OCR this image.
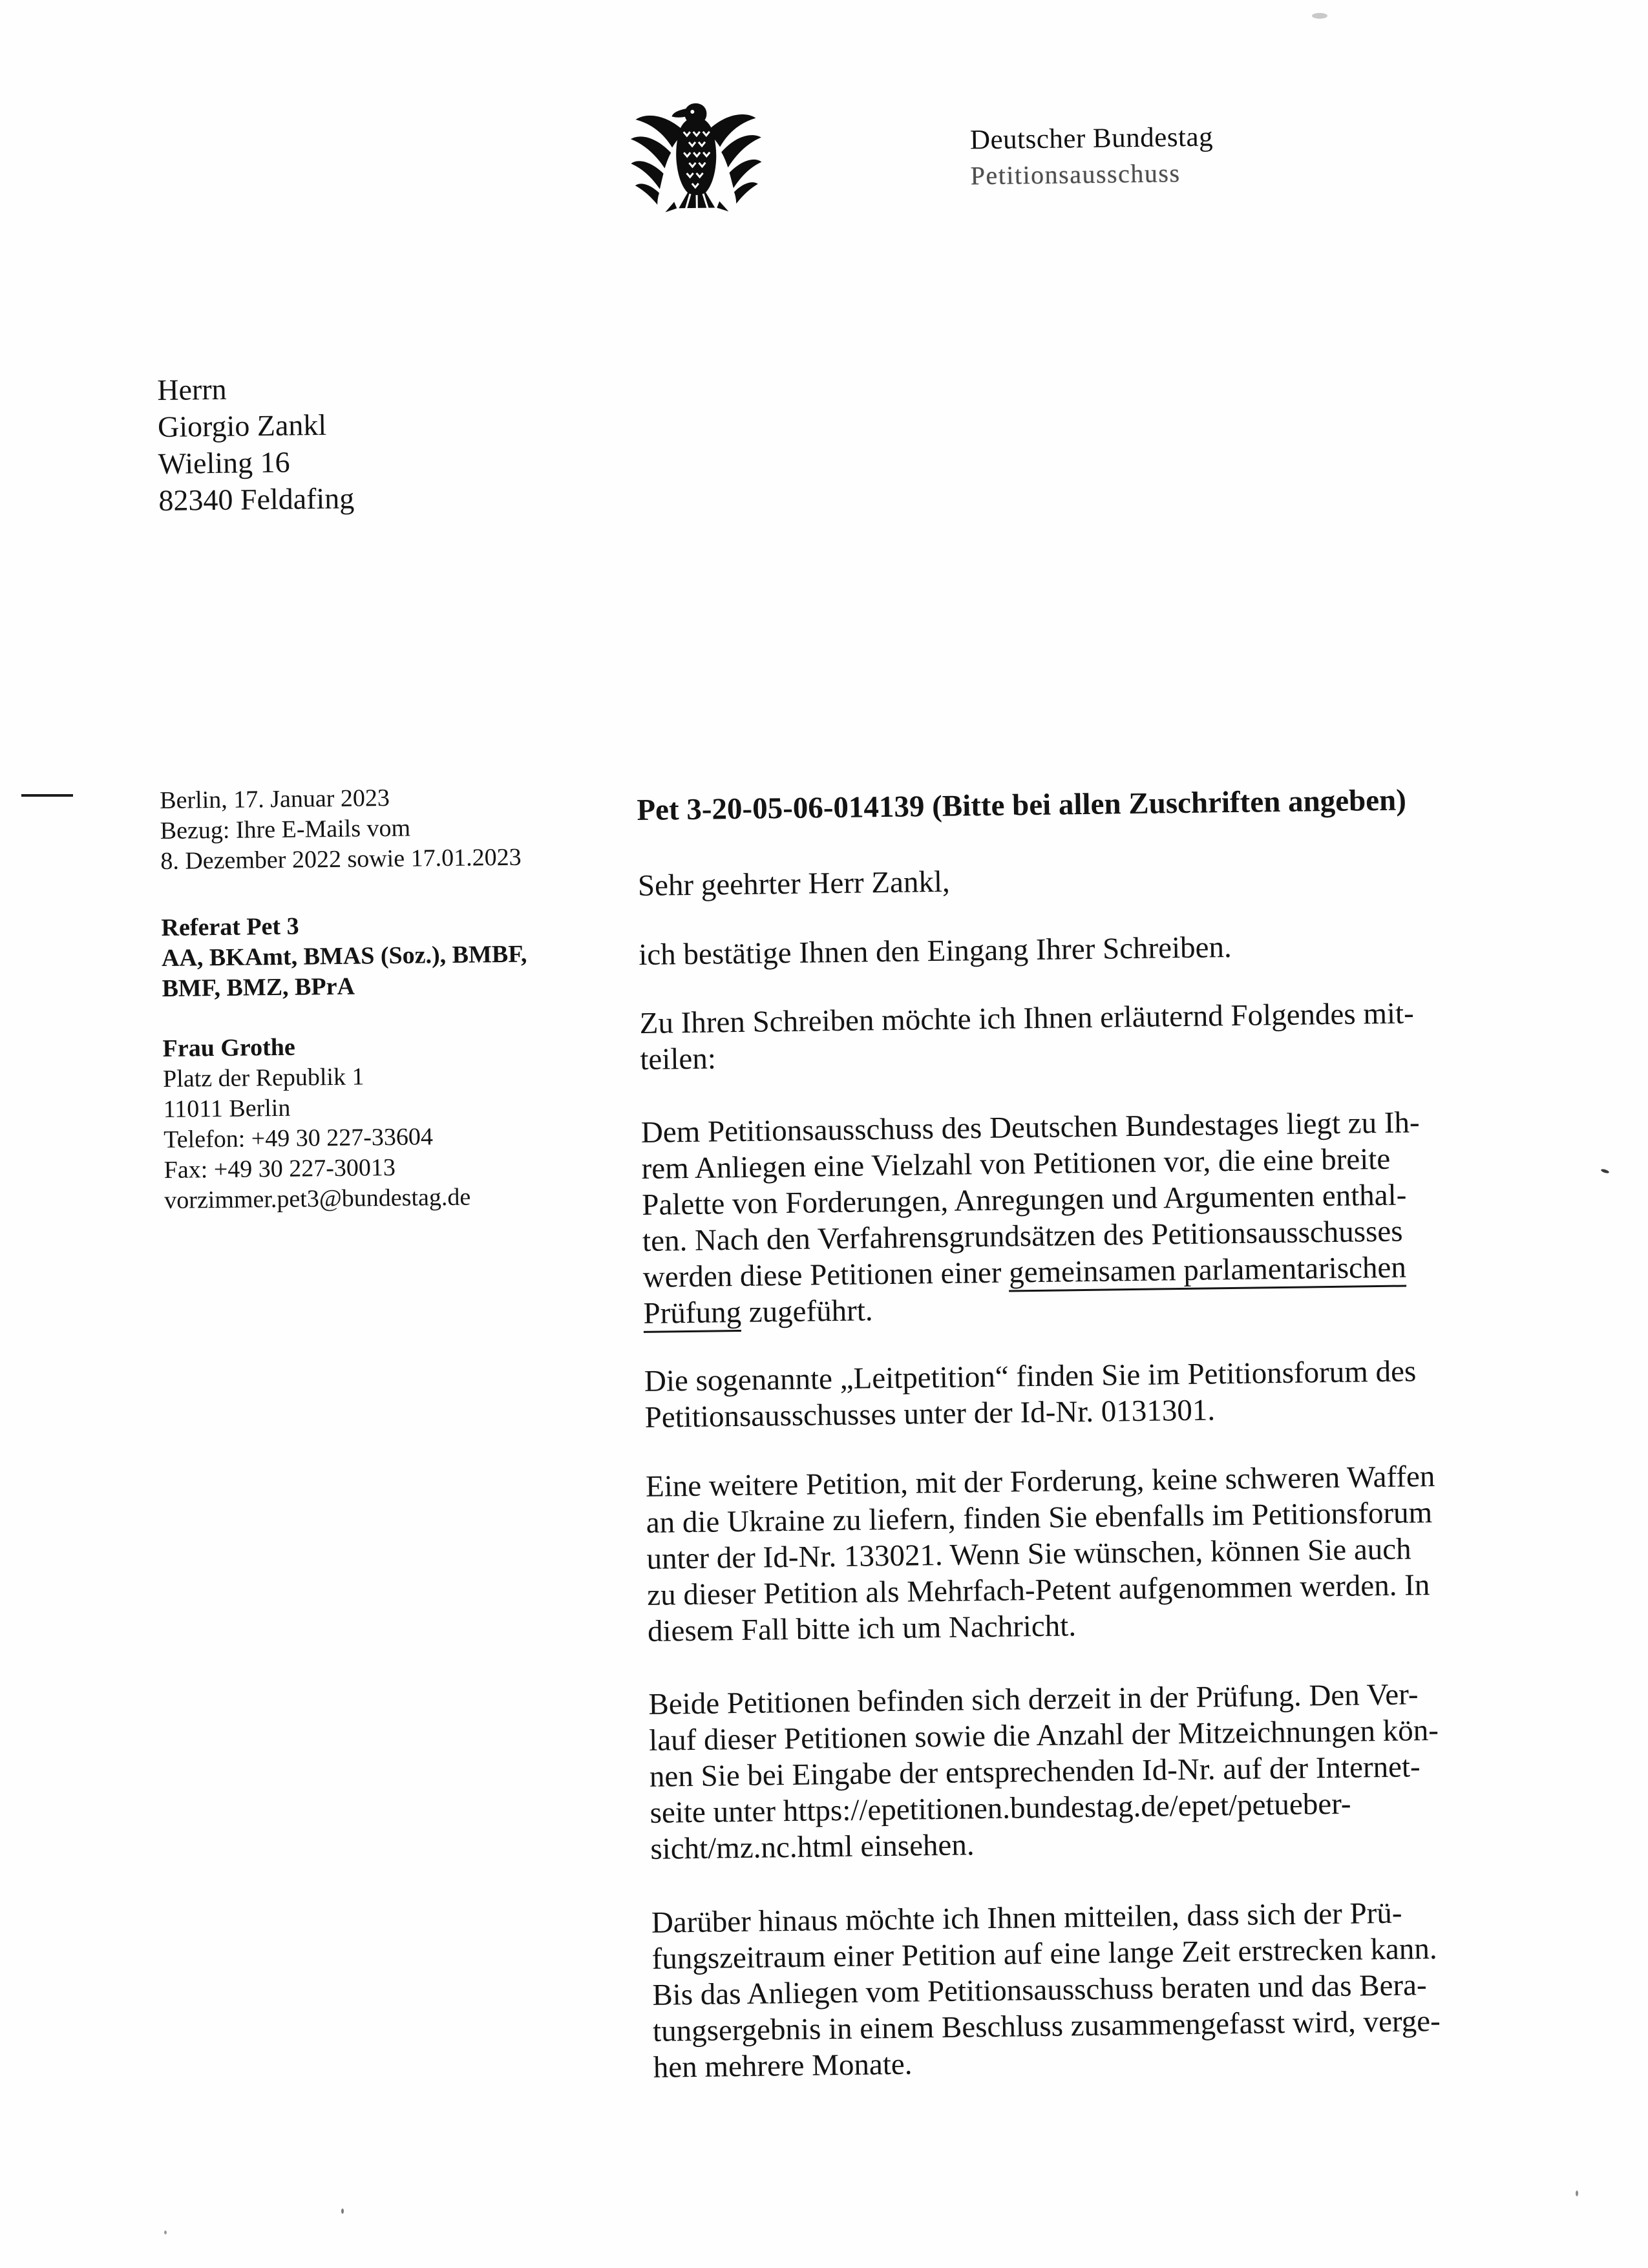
Deutscher Bundestag
Petitionsausschuss
Herrn
Giorgio Zankl
Wieling 16
82340 Feldafing
Berlin, 17. Januar 2023
Bezug: Ihre E-Mails vom
8. Dezember 2022 sowie 17.01.2023
Referat Pet 3
AA, BKAmt, BMAS (Soz.), BMBF,
BMF, BMZ, BPrA
Frau Grothe
Platz der Republik 1
11011 Berlin
Telefon: +49 30 227-33604
Fax: +49 30 227-30013
vorzimmer.pet3@bundestag.de
Pet 3-20-05-06-014139 (Bitte bei allen Zuschriften angeben)
Sehr geehrter Herr Zankl,
ich bestätige Ihnen den Eingang Ihrer Schreiben.
Zu Ihren Schreiben möchte ich Ihnen erläuternd Folgendes mit-
teilen:
Dem Petitionsausschuss des Deutschen Bundestages liegt zu Ih-
rem Anliegen eine Vielzahl von Petitionen vor, die eine breite
Palette von Forderungen, Anregungen und Argumenten enthal-
ten. Nach den Verfahrensgrundsätzen des Petitionsausschusses
werden diese Petitionen einer gemeinsamen parlamentarischen
Prüfung zugeführt.
Die sogenannte „Leitpetition“ finden Sie im Petitionsforum des
Petitionsausschusses unter der Id-Nr. 0131301.
Eine weitere Petition, mit der Forderung, keine schweren Waffen
an die Ukraine zu liefern, finden Sie ebenfalls im Petitionsforum
unter der Id-Nr. 133021. Wenn Sie wünschen, können Sie auch
zu dieser Petition als Mehrfach-Petent aufgenommen werden. In
diesem Fall bitte ich um Nachricht.
Beide Petitionen befinden sich derzeit in der Prüfung. Den Ver-
lauf dieser Petitionen sowie die Anzahl der Mitzeichnungen kön-
nen Sie bei Eingabe der entsprechenden Id-Nr. auf der Internet-
seite unter https://epetitionen.bundestag.de/epet/petueber-
sicht/mz.nc.html einsehen.
Darüber hinaus möchte ich Ihnen mitteilen, dass sich der Prü-
fungszeitraum einer Petition auf eine lange Zeit erstrecken kann.
Bis das Anliegen vom Petitionsausschuss beraten und das Bera-
tungsergebnis in einem Beschluss zusammengefasst wird, verge-
hen mehrere Monate.
